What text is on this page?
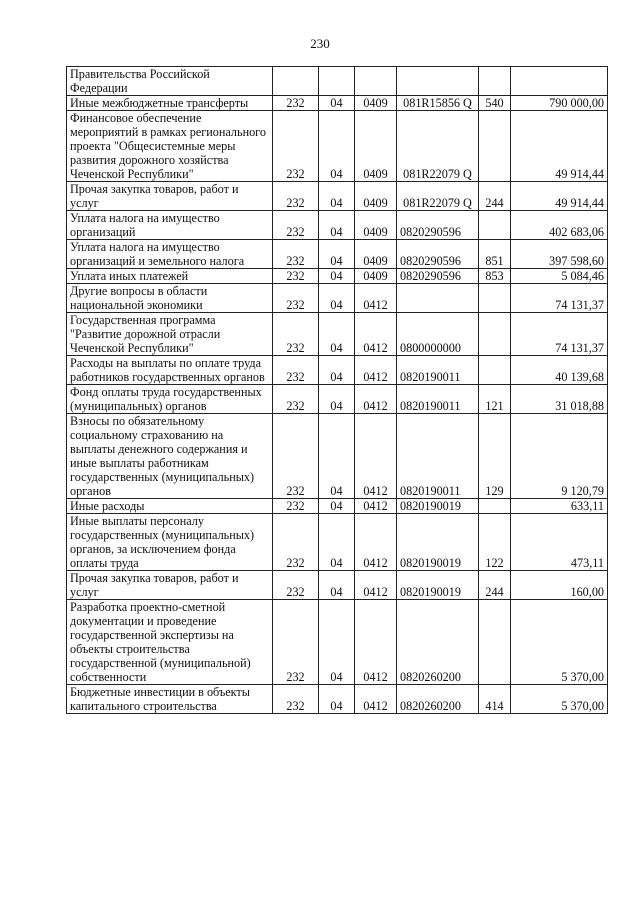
230
Правительства Российской Федерации						
Иные межбюджетные трансферты	232	04	0409	081R15856 Q	540	790 000,00
Финансовое обеспечение мероприятий в рамках регионального проекта "Общесистемные меры развития дорожного хозяйства Чеченской Республики"	232	04	0409	081R22079 Q		49 914,44
Прочая закупка товаров, работ и услуг	232	04	0409	081R22079 Q	244	49 914,44
Уплата налога на имущество организаций	232	04	0409	0820290596		402 683,06
Уплата налога на имущество организаций и земельного налога	232	04	0409	0820290596	851	397 598,60
Уплата иных платежей	232	04	0409	0820290596	853	5 084,46
Другие вопросы в области национальной экономики	232	04	0412			74 131,37
Государственная программа "Развитие дорожной отрасли Чеченской Республики"	232	04	0412	0800000000		74 131,37
Расходы на выплаты по оплате труда работников государственных органов	232	04	0412	0820190011		40 139,68
Фонд оплаты труда государственных (муниципальных) органов	232	04	0412	0820190011	121	31 018,88
Взносы по обязательному социальному страхованию на выплаты денежного содержания и иные выплаты работникам государственных (муниципальных) органов	232	04	0412	0820190011	129	9 120,79
Иные расходы	232	04	0412	0820190019		633,11
Иные выплаты персоналу государственных (муниципальных) органов, за исключением фонда оплаты труда	232	04	0412	0820190019	122	473,11
Прочая закупка товаров, работ и услуг	232	04	0412	0820190019	244	160,00
Разработка проектно-сметной документации и проведение государственной экспертизы на объекты строительства государственной (муниципальной) собственности	232	04	0412	0820260200		5 370,00
Бюджетные инвестиции в объекты капитального строительства	232	04	0412	0820260200	414	5 370,00
